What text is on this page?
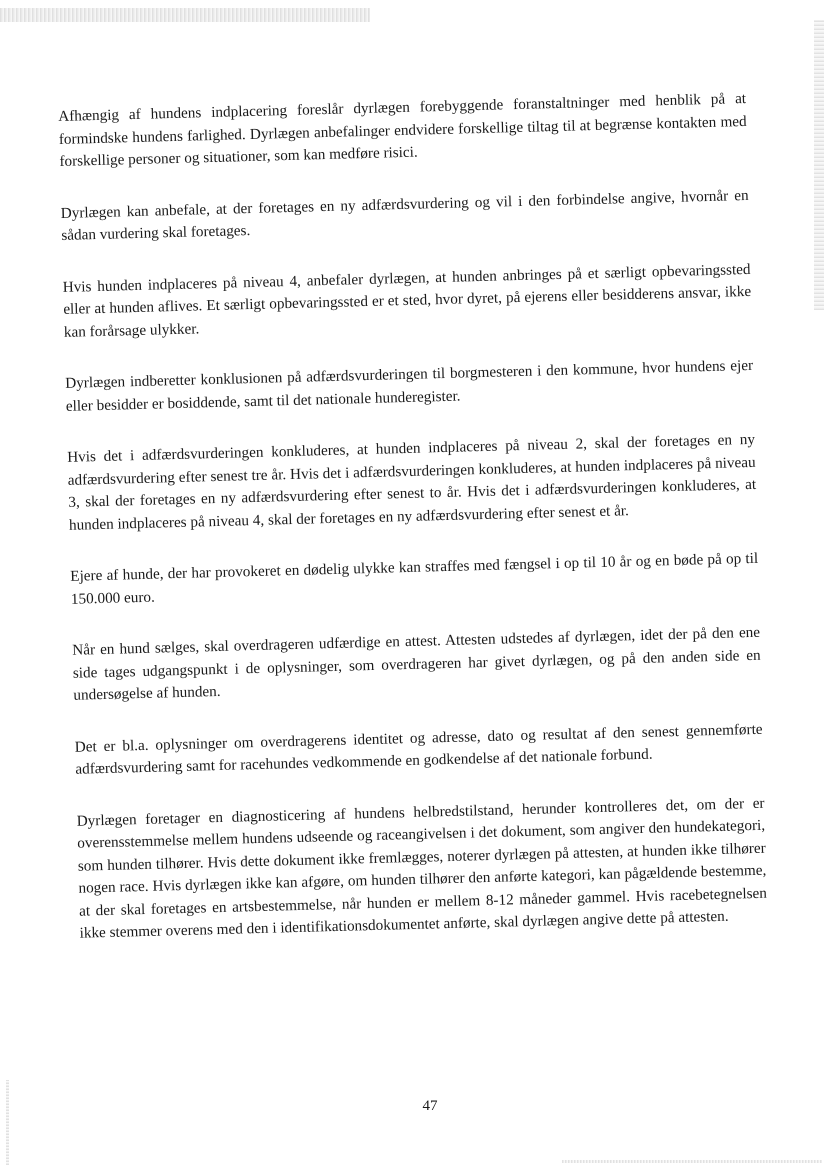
Afhængig af hundens indplacering foreslår dyrlægen forebyggende foranstaltninger med henblik på at formindske hundens farlighed. Dyrlægen anbefalinger endvidere forskellige tiltag til at begrænse kontakten med forskellige personer og situationer, som kan medføre risici.

Dyrlægen kan anbefale, at der foretages en ny adfærdsvurdering og vil i den forbindelse angive, hvornår en sådan vurdering skal foretages.

Hvis hunden indplaceres på niveau 4, anbefaler dyrlægen, at hunden anbringes på et særligt opbevaringssted eller at hunden aflives. Et særligt opbevaringssted er et sted, hvor dyret, på ejerens eller besidderens ansvar, ikke kan forårsage ulykker.

Dyrlægen indberetter konklusionen på adfærdsvurderingen til borgmesteren i den kommune, hvor hundens ejer eller besidder er bosiddende, samt til det nationale hunderegister.

Hvis det i adfærdsvurderingen konkluderes, at hunden indplaceres på niveau 2, skal der foretages en ny adfærdsvurdering efter senest tre år. Hvis det i adfærdsvurderingen konkluderes, at hunden indplaceres på niveau 3, skal der foretages en ny adfærdsvurdering efter senest to år. Hvis det i adfærdsvurderingen konkluderes, at hunden indplaceres på niveau 4, skal der foretages en ny adfærdsvurdering efter senest et år.

Ejere af hunde, der har provokeret en dødelig ulykke kan straffes med fængsel i op til 10 år og en bøde på op til 150.000 euro.

Når en hund sælges, skal overdrageren udfærdige en attest. Attesten udstedes af dyrlægen, idet der på den ene side tages udgangspunkt i de oplysninger, som overdrageren har givet dyrlægen, og på den anden side en undersøgelse af hunden.

Det er bl.a. oplysninger om overdragerens identitet og adresse, dato og resultat af den senest gennemførte adfærdsvurdering samt for racehundes vedkommende en godkendelse af det nationale forbund.

Dyrlægen foretager en diagnosticering af hundens helbredstilstand, herunder kontrolleres det, om der er overensstemmelse mellem hundens udseende og raceangivelsen i det dokument, som angiver den hundekategori, som hunden tilhører. Hvis dette dokument ikke fremlægges, noterer dyrlægen på attesten, at hunden ikke tilhører nogen race. Hvis dyrlægen ikke kan afgøre, om hunden tilhører den anførte kategori, kan pågældende bestemme, at der skal foretages en artsbestemmelse, når hunden er mellem 8-12 måneder gammel. Hvis racebetegnelsen ikke stemmer overens med den i identifikationsdokumentet anførte, skal dyrlægen angive dette på attesten.

47
